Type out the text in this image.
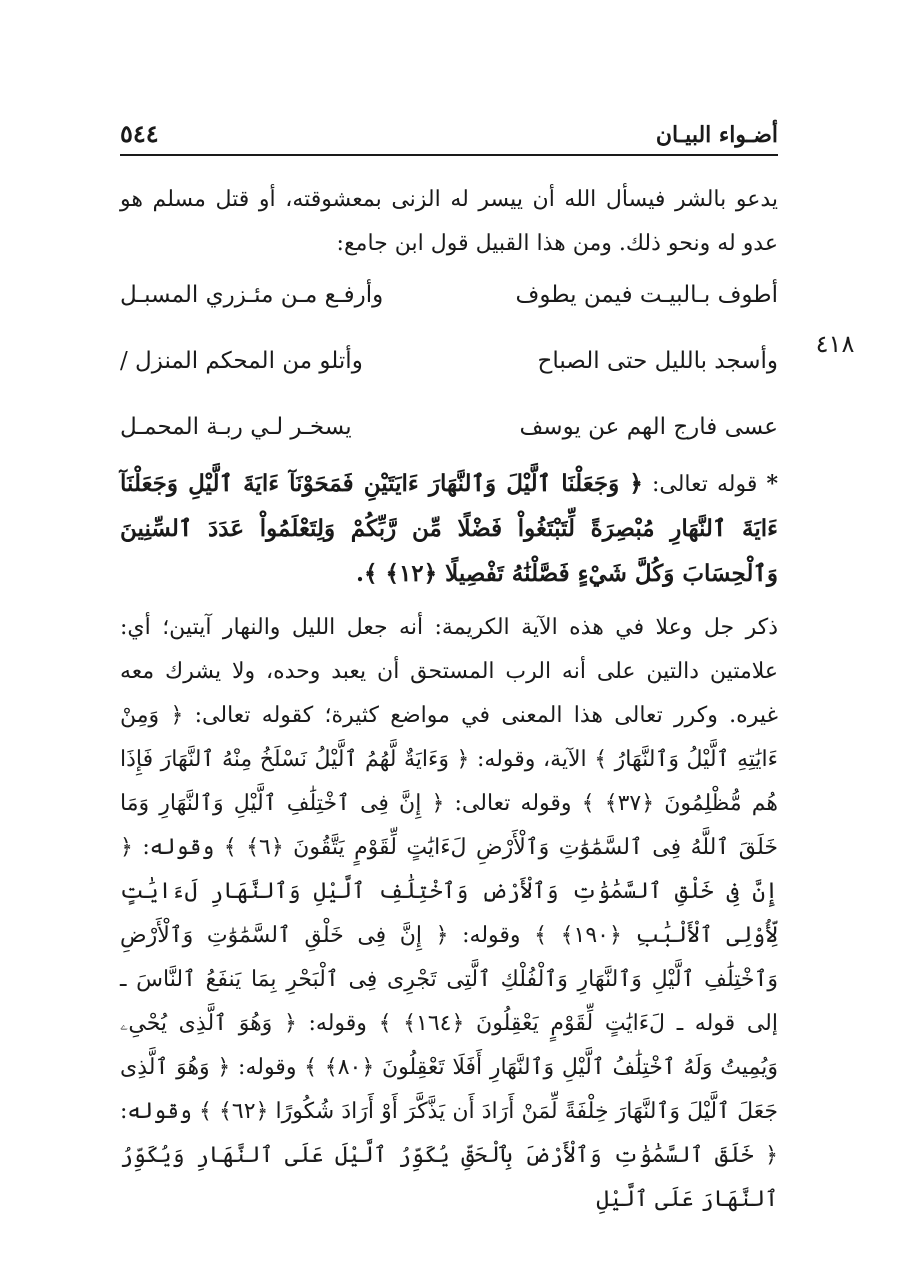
أضـواء البيـان
٥٤٤
٤١٨

يدعو بالشر فيسأل الله أن ييسر له الزنى بمعشوقته، أو قتل مسلم هو عدو له ونحو ذلك. ومن هذا القبيل قول ابن جامع:

أطوف بـالبيـت فيمن يطوف
وأرفـع مـن مئـزري المسبـل
وأسجد بالليل حتى الصباح
وأتلو من المحكم المنزل /
عسى فارج الهم عن يوسف
يسخـر لـي ربـة المحمـل

* قوله تعالى: ﴿ وَجَعَلْنَا ٱلَّيْلَ وَٱلنَّهَارَ ءَايَتَيْنِ فَمَحَوْنَآ ءَايَةَ ٱلَّيْلِ وَجَعَلْنَآ ءَايَةَ ٱلنَّهَارِ مُبْصِرَةً لِّتَبْتَغُواْ فَضْلًا مِّن رَّبِّكُمْ وَلِتَعْلَمُواْ عَدَدَ ٱلسِّنِينَ وَٱلْحِسَابَ وَكُلَّ شَيْءٍ فَصَّلْنَٰهُ تَفْصِيلًا ﴿١٢﴾ ﴾.

ذكر جل وعلا في هذه الآية الكريمة: أنه جعل الليل والنهار آيتين؛ أي: علامتين دالتين على أنه الرب المستحق أن يعبد وحده، ولا يشرك معه غيره. وكرر تعالى هذا المعنى في مواضع كثيرة؛ كقوله تعالى: ﴿ وَمِنْ ءَايَٰتِهِ ٱلَّيْلُ وَٱلنَّهَارُ ﴾ الآية، وقوله: ﴿ وَءَايَةٌ لَّهُمُ ٱلَّيْلُ نَسْلَخُ مِنْهُ ٱلنَّهَارَ فَإِذَا هُم مُّظْلِمُونَ ﴿٣٧﴾ ﴾ وقوله تعالى: ﴿ إِنَّ فِى ٱخْتِلَٰفِ ٱلَّيْلِ وَٱلنَّهَارِ وَمَا خَلَقَ ٱللَّهُ فِى ٱلسَّمَٰوَٰتِ وَٱلْأَرْضِ لَءَايَٰتٍ لِّقَوْمٍ يَتَّقُونَ ﴿٦﴾ ﴾ وقوله: ﴿ إِنَّ فِى خَلْقِ ٱلسَّمَٰوَٰتِ وَٱلْأَرْضِ وَٱخْتِلَٰفِ ٱلَّيْلِ وَٱلنَّهَارِ لَءَايَٰتٍ لِّأُوْلِى ٱلْأَلْبَٰبِ ﴿١٩٠﴾ ﴾ وقوله: ﴿ إِنَّ فِى خَلْقِ ٱلسَّمَٰوَٰتِ وَٱلْأَرْضِ وَٱخْتِلَٰفِ ٱلَّيْلِ وَٱلنَّهَارِ وَٱلْفُلْكِ ٱلَّتِى تَجْرِى فِى ٱلْبَحْرِ بِمَا يَنفَعُ ٱلنَّاسَ ـ إلى قوله ـ لَءَايَٰتٍ لِّقَوْمٍ يَعْقِلُونَ ﴿١٦٤﴾ ﴾ وقوله: ﴿ وَهُوَ ٱلَّذِى يُحْىِۦ وَيُمِيتُ وَلَهُ ٱخْتِلَٰفُ ٱلَّيْلِ وَٱلنَّهَارِ أَفَلَا تَعْقِلُونَ ﴿٨٠﴾ ﴾ وقوله: ﴿ وَهُوَ ٱلَّذِى جَعَلَ ٱلَّيْلَ وَٱلنَّهَارَ خِلْفَةً لِّمَنْ أَرَادَ أَن يَذَّكَّرَ أَوْ أَرَادَ شُكُورًا ﴿٦٢﴾ ﴾ وقوله: ﴿ خَلَقَ ٱلسَّمَٰوَٰتِ وَٱلْأَرْضَ بِٱلْحَقِّ يُكَوِّرُ ٱلَّيْلَ عَلَى ٱلنَّهَارِ وَيُكَوِّرُ ٱلنَّهَارَ عَلَى ٱلَّيْلِ
